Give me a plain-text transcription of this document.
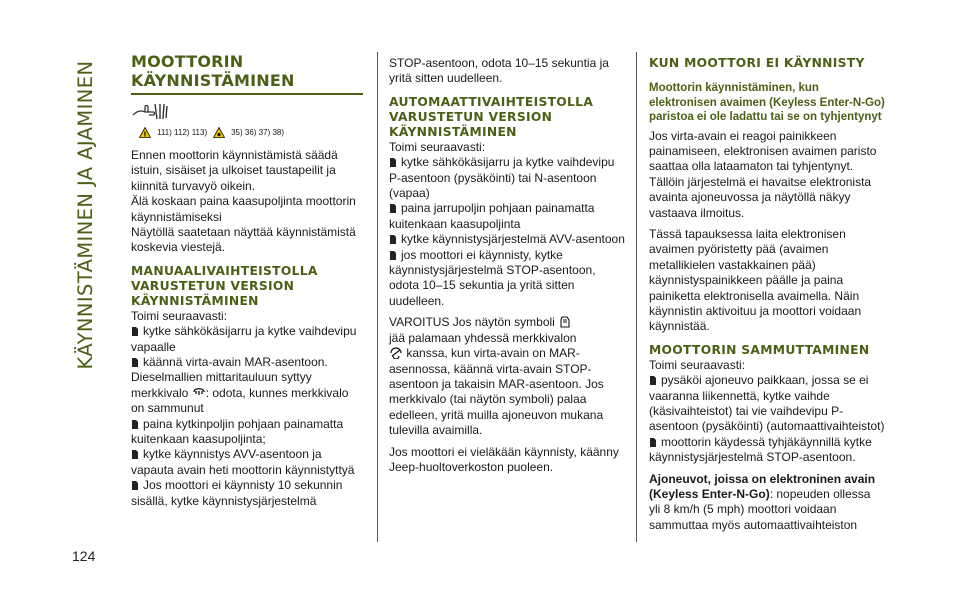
KÄYNNISTÄMINEN JA AJAMINEN
124
MOOTTORIN
KÄYNNISTÄMINEN
! 111) 112) 113)	35) 36) 37) 38)

Ennen moottorin käynnistämistä säädä istuin, sisäiset ja ulkoiset taustapeilit ja kiinnitä turvavyö oikein.

Älä koskaan paina kaasupoljinta moottorin käynnistämiseksi

Näytöllä saatetaan näyttää käynnistämistä koskevia viestejä.

MANUAALIVAIHTEISTOLLA VARUSTETUN VERSION KÄYNNISTÄMINEN

Toimi seuraavasti:

kytke sähkökäsijarru ja kytke vaihdevipu vapaalle

käännä virta-avain MAR-asentoon. Dieselmallien mittaritauluun syttyy

merkkivalo : odota, kunnes merkkivalo on sammunut

paina kytkinpoljin pohjaan painamatta kuitenkaan kaasupoljinta;

kytke käynnistys AVV-asentoon ja vapauta avain heti moottorin käynnistyttyä

Jos moottori ei käynnisty 10 sekunnin sisällä, kytke käynnistysjärjestelmä

STOP-asentoon, odota 10–15 sekuntia ja yritä sitten uudelleen.

AUTOMAATTIVAIHTEISTOLLA VARUSTETUN VERSION KÄYNNISTÄMINEN

Toimi seuraavasti:

kytke sähkökäsijarru ja kytke vaihdevipu P-asentoon (pysäköinti) tai N-asentoon (vapaa)

paina jarrupoljin pohjaan painamatta kuitenkaan kaasupoljinta

kytke käynnistysjärjestelmä AVV-asentoon

jos moottori ei käynnisty, kytke käynnistysjärjestelmä STOP-asentoon, odota 10–15 sekuntia ja yritä sitten uudelleen.

VAROITUS Jos näytön symboli
jää palamaan yhdessä merkkivalon
kanssa, kun virta-avain on MAR-asennossa, käännä virta-avain STOP-asentoon ja takaisin MAR-asentoon. Jos merkkivalo (tai näytön symboli) palaa edelleen, yritä muilla ajoneuvon mukana tulevilla avaimilla.

Jos moottori ei vieläkään käynnisty, käänny Jeep-huoltoverkoston puoleen.

KUN MOOTTORI EI KÄYNNISTY
Moottorin käynnistäminen, kun elektronisen avaimen (Keyless Enter-N-Go) paristoa ei ole ladattu tai se on tyhjentynyt

Jos virta-avain ei reagoi painikkeen painamiseen, elektronisen avaimen paristo saattaa olla lataamaton tai tyhjentynyt. Tällöin järjestelmä ei havaitse elektronista avainta ajoneuvossa ja näytöllä näkyy vastaava ilmoitus.

Tässä tapauksessa laita elektronisen avaimen pyöristetty pää (avaimen metallikielen vastakkainen pää) käynnistyspainikkeen päälle ja paina painiketta elektronisella avaimella. Näin käynnistin aktivoituu ja moottori voidaan käynnistää.

MOOTTORIN SAMMUTTAMINEN

Toimi seuraavasti:

pysäköi ajoneuvo paikkaan, jossa se ei vaaranna liikennettä, kytke vaihde (käsivaihteistot) tai vie vaihdevipu P-asentoon (pysäköinti) (automaattivaihteistot)

moottorin käydessä tyhjäkäynnillä kytke käynnistysjärjestelmä STOP-asentoon.

Ajoneuvot, joissa on elektroninen avain (Keyless Enter-N-Go): nopeuden ollessa yli 8 km/h (5 mph) moottori voidaan sammuttaa myös automaattivaihteiston
